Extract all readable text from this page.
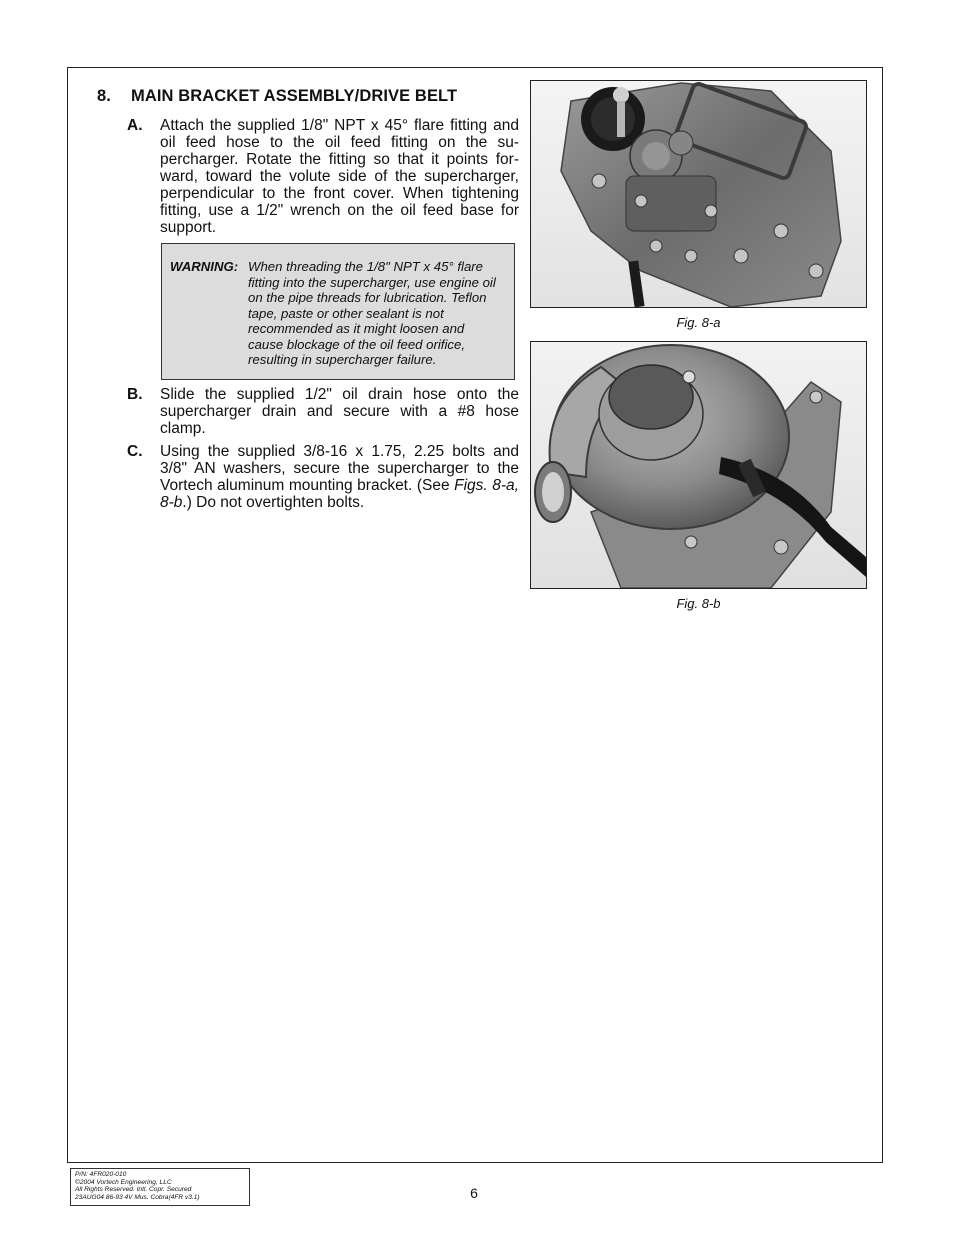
8. MAIN BRACKET ASSEMBLY/DRIVE BELT
A. Attach the supplied 1/8" NPT x 45° flare fitting and oil feed hose to the oil feed fitting on the su-percharger. Rotate the fitting so that it points for-ward, toward the volute side of the supercharger, perpendicular to the front cover. When tightening fitting, use a 1/2" wrench on the oil feed base for support.
WARNING: When threading the 1/8" NPT x 45° flare fitting into the supercharger, use engine oil on the pipe threads for lubrication. Teflon tape, paste or other sealant is not recommended as it might loosen and cause blockage of the oil feed orifice, resulting in supercharger failure.
B. Slide the supplied 1/2" oil drain hose onto the supercharger drain and secure with a #8 hose clamp.
C. Using the supplied 3/8-16 x 1.75, 2.25 bolts and 3/8" AN washers, secure the supercharger to the Vortech aluminum mounting bracket. (See Figs. 8-a, 8-b.) Do not overtighten bolts.
Fig. 8-a
Fig. 8-b
P/N: 4FR020-010
©2004 Vortech Engineering, LLC
All Rights Reserved. Intl. Copr. Secured
23AUG04 86-93 4V Mus. Cobra(4FR v3.1)	6
